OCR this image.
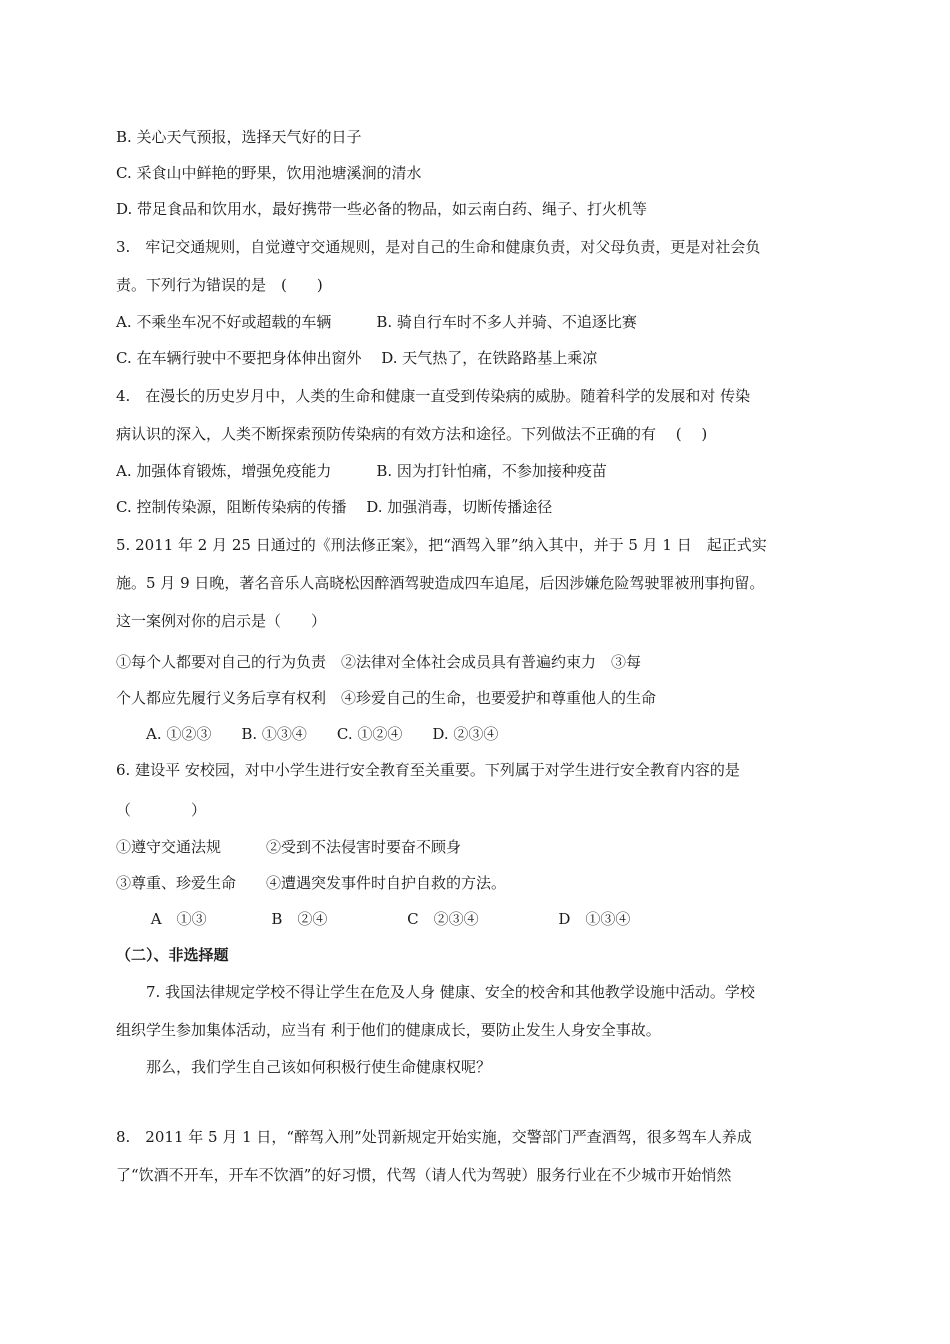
B. 关心天气预报，选择天气好的日子
C. 采食山中鲜艳的野果，饮用池塘溪涧的清水
D. 带足食品和饮用水，最好携带一些必备的物品，如云南白药、绳子、打火机等
3.　牢记交通规则，自觉遵守交通规则，是对自己的生命和健康负责，对父母负责，更是对社会负
责。下列行为错误的是　(　　)
A. 不乘坐车况不好或超载的车辆　　　B. 骑自行车时不多人并骑、不追逐比赛
C. 在车辆行驶中不要把身体伸出窗外　 D. 天气热了，在铁路路基上乘凉
4.　在漫长的历史岁月中，人类的生命和健康一直受到传染病的威胁。随着科学的发展和对 传染
病认识的深入，人类不断探索预防传染病的有效方法和途径。下列做法不正确的有　 (　 )
A. 加强体育锻炼，增强免疫能力　　　B. 因为打针怕痛，不参加接种疫苗
C. 控制传染源，阻断传染病的传播　 D. 加强消毒，切断传播途径
5. 2011 年 2 月 25 日通过的《刑法修正案》，把“酒驾入罪”纳入其中，并于 5 月 1 日　起正式实
施。5 月 9 日晚，著名音乐人高晓松因醉酒驾驶造成四车追尾，后因涉嫌危险驾驶罪被刑事拘留。
这一案例对你的启示是（　　）
①每个人都要对自己的行为负责　②法律对全体社会成员具有普遍约束力　③每
个人都应先履行义务后享有权利　④珍爱自己的生命，也要爱护和尊重他人的生命
　　A. ①②③　　B. ①③④　　C. ①②④　　D. ②③④
6. 建设平 安校园，对中小学生进行安全教育至关重要。下列属于对学生进行安全教育内容的是
（　　　　）
①遵守交通法规　　　②受到不法侵害时要奋不顾身
③尊重、珍爱生命　　④遭遇突发事件时自护自救的方法。
　　 A　①③　　　　 B　②④　　　　　 C　②③④　　　　　 D　①③④
（二）、非选择题
　　7. 我国法律规定学校不得让学生在危及人身 健康、安全的校舍和其他教学设施中活动。学校
组织学生参加集体活动，应当有 利于他们的健康成长，要防止发生人身安全事故。
　　那么，我们学生自己该如何积极行使生命健康权呢？
8.　2011 年 5 月 1 日，“醉驾入刑”处罚新规定开始实施，交警部门严查酒驾，很多驾车人养成
了“饮酒不开车，开车不饮酒”的好习惯，代驾（请人代为驾驶）服务行业在不少城市开始悄然
